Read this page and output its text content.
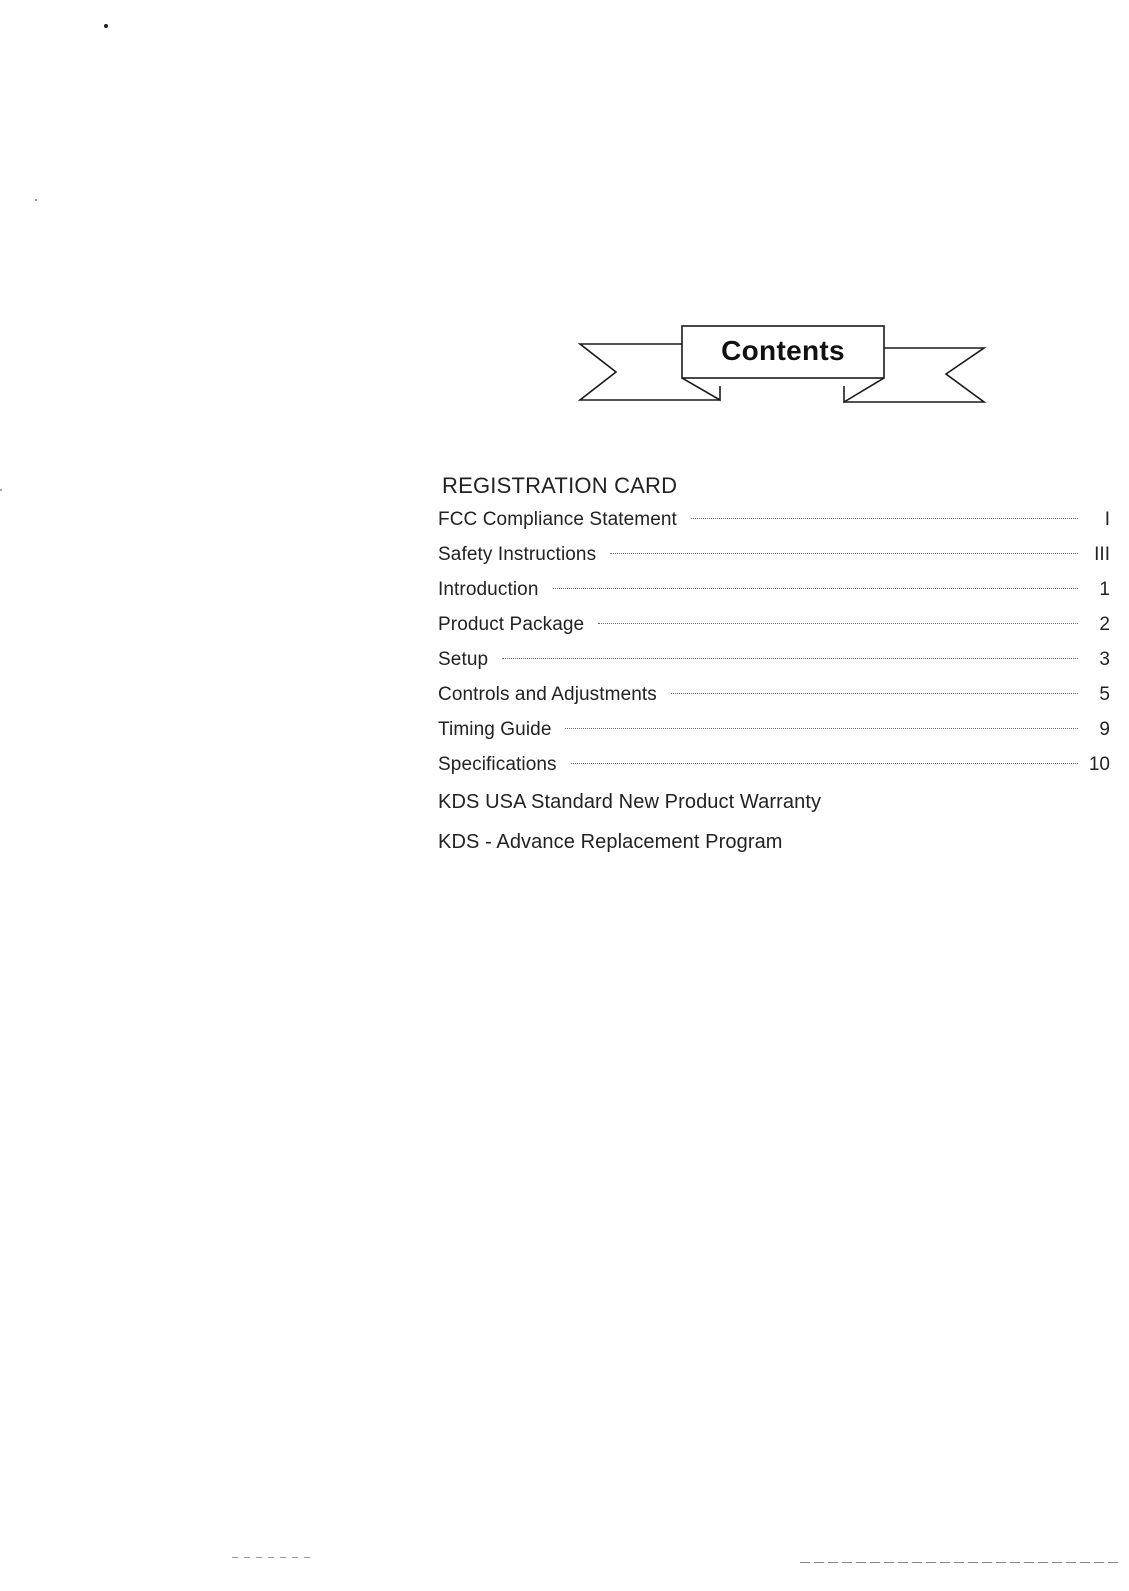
Contents
REGISTRATION CARD
FCC Compliance Statement	I
Safety Instructions	III
Introduction	1
Product Package	2
Setup	3
Controls and Adjustments	5
Timing Guide	9
Specifications	10
KDS USA Standard New Product Warranty
KDS - Advance Replacement Program
